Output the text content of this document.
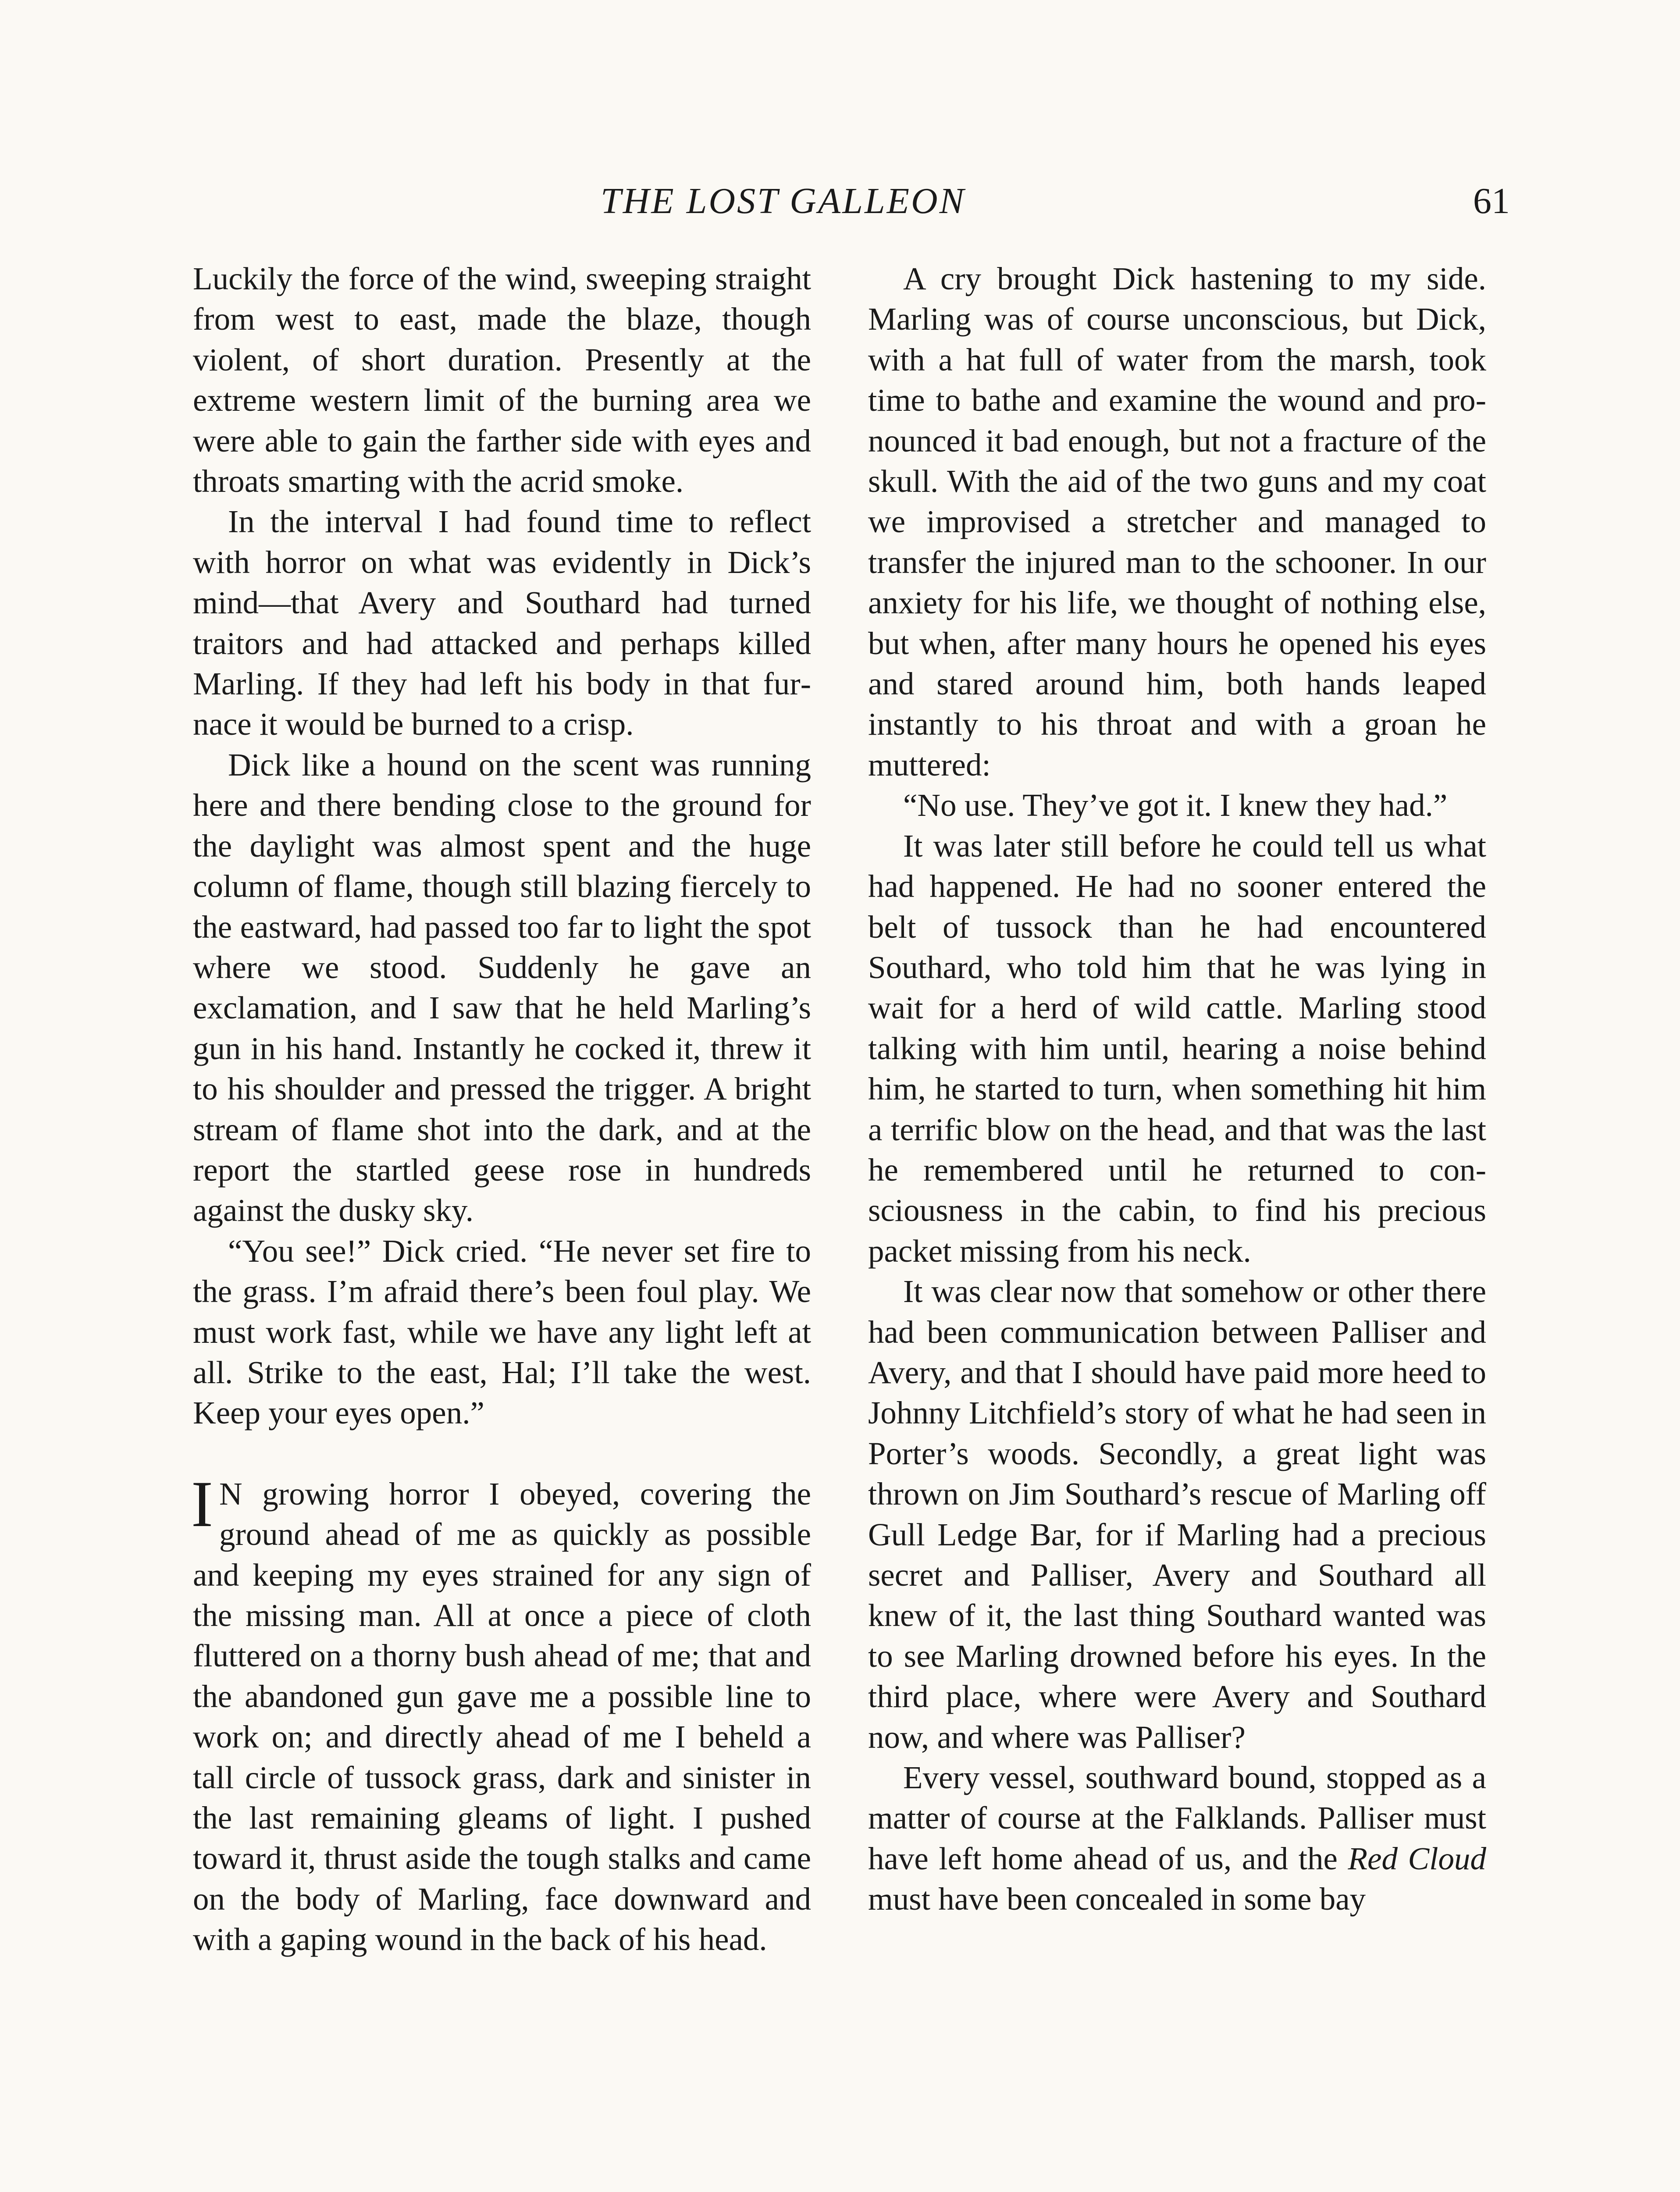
THE LOST GALLEON	61

Luckily the force of the wind, sweeping straight from west to east, made the blaze, though violent, of short duration. Presently at the extreme western limit of the burning area we were able to gain the farther side with eyes and throats smarting with the acrid smoke.

In the interval I had found time to reflect with horror on what was evidently in Dick’s mind—that Avery and Southard had turned traitors and had attacked and perhaps killed Marling. If they had left his body in that furnace it would be burned to a crisp.

Dick like a hound on the scent was running here and there bending close to the ground for the daylight was almost spent and the huge column of flame, though still blazing fiercely to the eastward, had passed too far to light the spot where we stood. Suddenly he gave an exclamation, and I saw that he held Marling’s gun in his hand. Instantly he cocked it, threw it to his shoulder and pressed the trigger. A bright stream of flame shot into the dark, and at the report the startled geese rose in hundreds against the dusky sky.

“You see!” Dick cried. “He never set fire to the grass. I’m afraid there’s been foul play. We must work fast, while we have any light left at all. Strike to the east, Hal; I’ll take the west. Keep your eyes open.”

I N growing horror I obeyed, covering the ground ahead of me as quickly as possible and keeping my eyes strained for any sign of the missing man. All at once a piece of cloth fluttered on a thorny bush ahead of me; that and the abandoned gun gave me a possible line to work on; and directly ahead of me I beheld a tall circle of tussock grass, dark and sinister in the last remaining gleams of light. I pushed toward it, thrust aside the tough stalks and came on the body of Marling, face downward and with a gaping wound in the back of his head.

A cry brought Dick hastening to my side. Marling was of course unconscious, but Dick, with a hat full of water from the marsh, took time to bathe and examine the wound and pronounced it bad enough, but not a fracture of the skull. With the aid of the two guns and my coat we improvised a stretcher and managed to transfer the injured man to the schooner. In our anxiety for his life, we thought of nothing else, but when, after many hours he opened his eyes and stared around him, both hands leaped instantly to his throat and with a groan he muttered:

“No use. They’ve got it. I knew they had.”

It was later still before he could tell us what had happened. He had no sooner entered the belt of tussock than he had encountered Southard, who told him that he was lying in wait for a herd of wild cattle. Marling stood talking with him until, hearing a noise behind him, he started to turn, when something hit him a terrific blow on the head, and that was the last he remembered until he returned to consciousness in the cabin, to find his precious packet missing from his neck.

It was clear now that somehow or other there had been communication between Palliser and Avery, and that I should have paid more heed to Johnny Litchfield’s story of what he had seen in Porter’s woods. Secondly, a great light was thrown on Jim Southard’s rescue of Marling off Gull Ledge Bar, for if Marling had a precious secret and Palliser, Avery and Southard all knew of it, the last thing Southard wanted was to see Marling drowned before his eyes. In the third place, where were Avery and Southard now, and where was Palliser?

Every vessel, southward bound, stopped as a matter of course at the Falklands. Palliser must have left home ahead of us, and the Red Cloud must have been concealed in some bay
